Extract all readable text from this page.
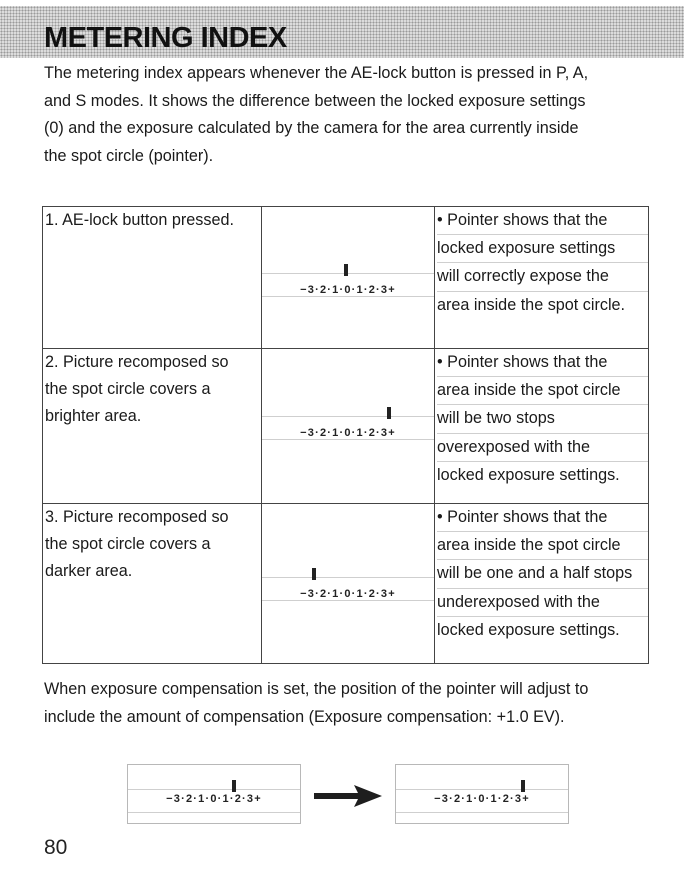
METERING INDEX

The metering index appears whenever the AE-lock button is pressed in P, A,
and S modes. It shows the difference between the locked exposure settings
(0) and the exposure calculated by the camera for the area currently inside
the spot circle (pointer).

1. AE-lock button pressed.	−3·2·1·0·1·2·3+	• Pointer shows that the
locked exposure settings
will correctly expose the
area inside the spot circle.

2. Picture recomposed so
the spot circle covers a
brighter area.	−3·2·1·0·1·2·3+	• Pointer shows that the
area inside the spot circle
will be two stops
overexposed with the
locked exposure settings.

3. Picture recomposed so
the spot circle covers a
darker area.	−3·2·1·0·1·2·3+	• Pointer shows that the
area inside the spot circle
will be one and a half stops
underexposed with the
locked exposure settings.

When exposure compensation is set, the position of the pointer will adjust to
include the amount of compensation (Exposure compensation: +1.0 EV).

−3·2·1·0·1·2·3+	−3·2·1·0·1·2·3+

80
